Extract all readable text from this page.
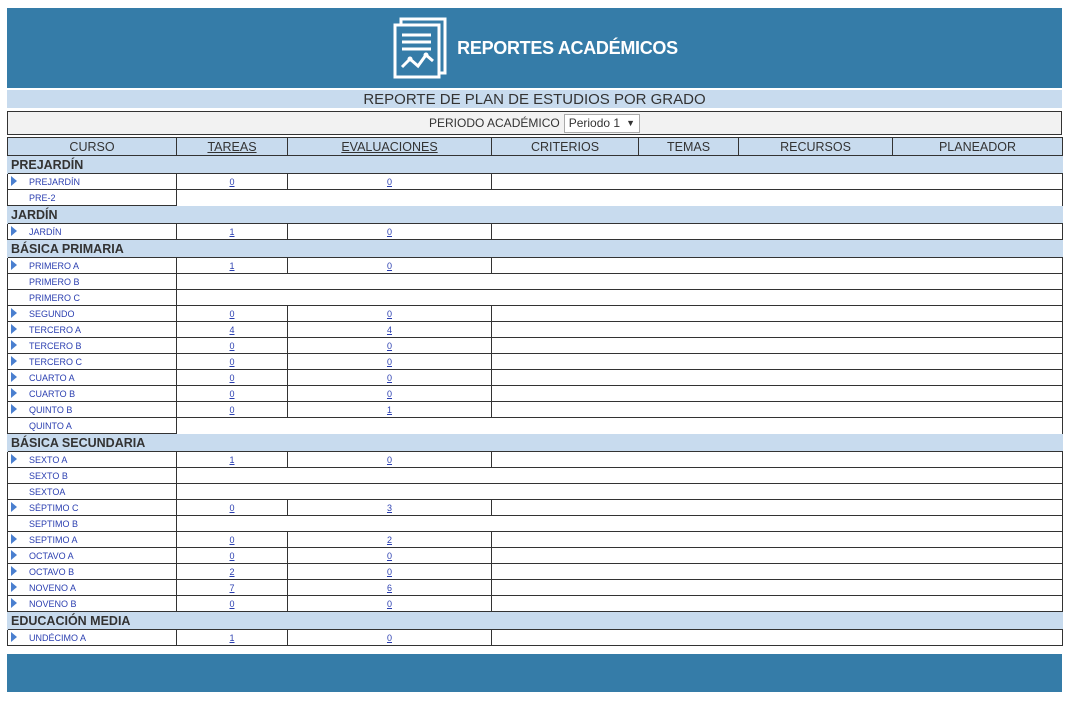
REPORTES ACADÉMICOS
REPORTE DE PLAN DE ESTUDIOS POR GRADO
PERIODO ACADÉMICO Periodo 1 ▼
CURSO	TAREAS	EVALUACIONES	CRITERIOS	TEMAS	RECURSOS	PLANEADOR
PREJARDÍN						
PREJARDÍN	0	0				
PRE-2						
JARDÍN						
JARDÍN	1	0				
BÁSICA PRIMARIA						
PRIMERO A	1	0				
PRIMERO B						
PRIMERO C						
SEGUNDO	0	0				
TERCERO A	4	4				
TERCERO B	0	0				
TERCERO C	0	0				
CUARTO A	0	0				
CUARTO B	0	0				
QUINTO B	0	1				
QUINTO A						
BÁSICA SECUNDARIA						
SEXTO A	1	0				
SEXTO B						
SEXTOA						
SÉPTIMO C	0	3				
SEPTIMO B						
SEPTIMO A	0	2				
OCTAVO A	0	0				
OCTAVO B	2	0				
NOVENO A	7	6				
NOVENO B	0	0				
EDUCACIÓN MEDIA						
UNDÉCIMO A	1	0				
